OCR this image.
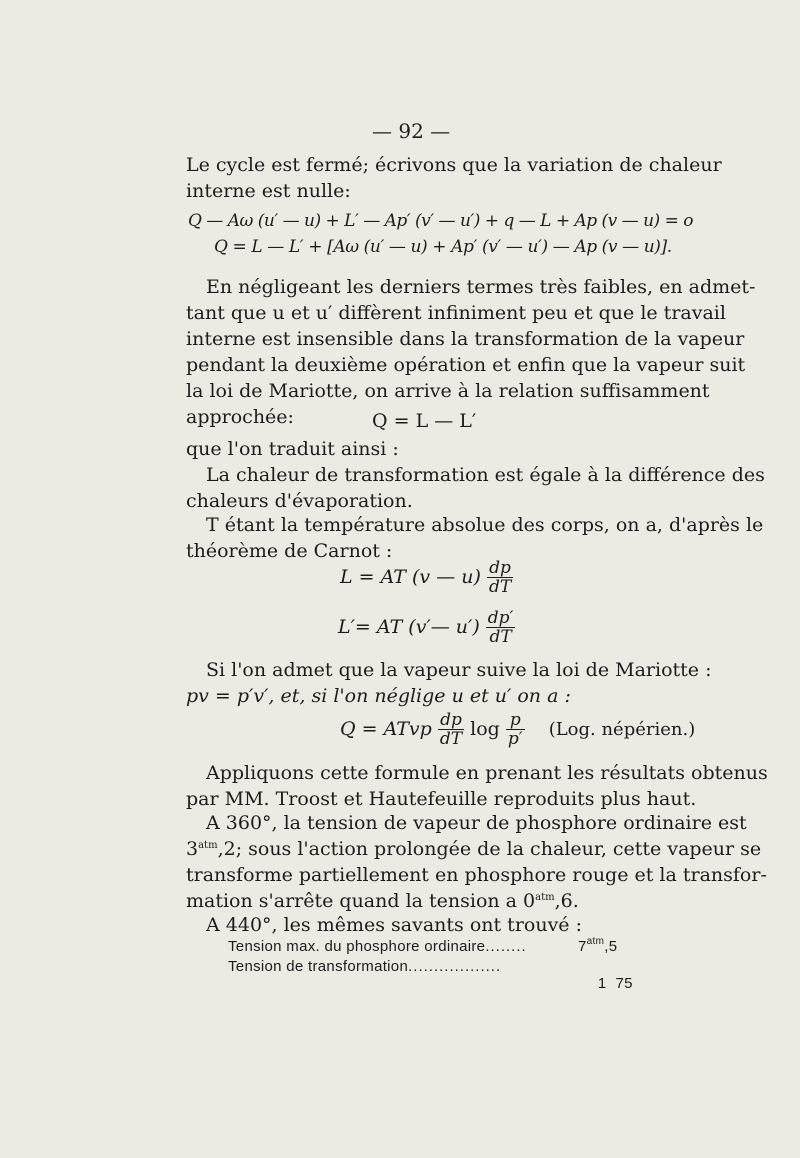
— 92 —
Le cycle est fermé; écrivons que la variation de chaleur
interne est nulle:
Q — Aω (u′ — u) + L′ — Ap′ (v′ — u′) + q — L + Ap (v — u) = o
Q = L — L′ + [Aω (u′ — u) + Ap′ (v′ — u′) — Ap (v — u)].
En négligeant les derniers termes très faibles, en admet-
tant que u et u′ diffèrent infiniment peu et que le travail
interne est insensible dans la transformation de la vapeur
pendant la deuxième opération et enfin que la vapeur suit
la loi de Mariotte, on arrive à la relation suffisamment
approchée:	Q = L — L′
que l'on traduit ainsi :
La chaleur de transformation est égale à la différence des
chaleurs d'évaporation.
T étant la température absolue des corps, on a, d'après le
théorème de Carnot :
L = AT (v — $u) \frac{dp}{dT}$
L′= AT (v′— $u') \frac{dp'}{dT}$
Si l'on admet que la vapeur suive la loi de Mariotte :
pv = p′v′, et, si l'on néglige u et u′ on a :
Q = ATvp $\frac{dp}{dT}$ $\log \frac{p}{p'} (Log$. népérien.)
Appliquons cette formule en prenant les résultats obtenus
par MM. Troost et Hautefeuille reproduits plus haut.
A 360°, la tension de vapeur de phosphore ordinaire est
$3^{atm},2$; sous l'action prolongée de la chaleur, cette vapeur se
transforme partiellement en phosphore rouge et la transfor-
mation s'arrête quand la tension a $0^{atm},6$.
A 440°, les mêmes savants ont trouvé :
Tension max. du phosphore ordinaire........	$7^{atm},5$
Tension de transformation..................

1  75
